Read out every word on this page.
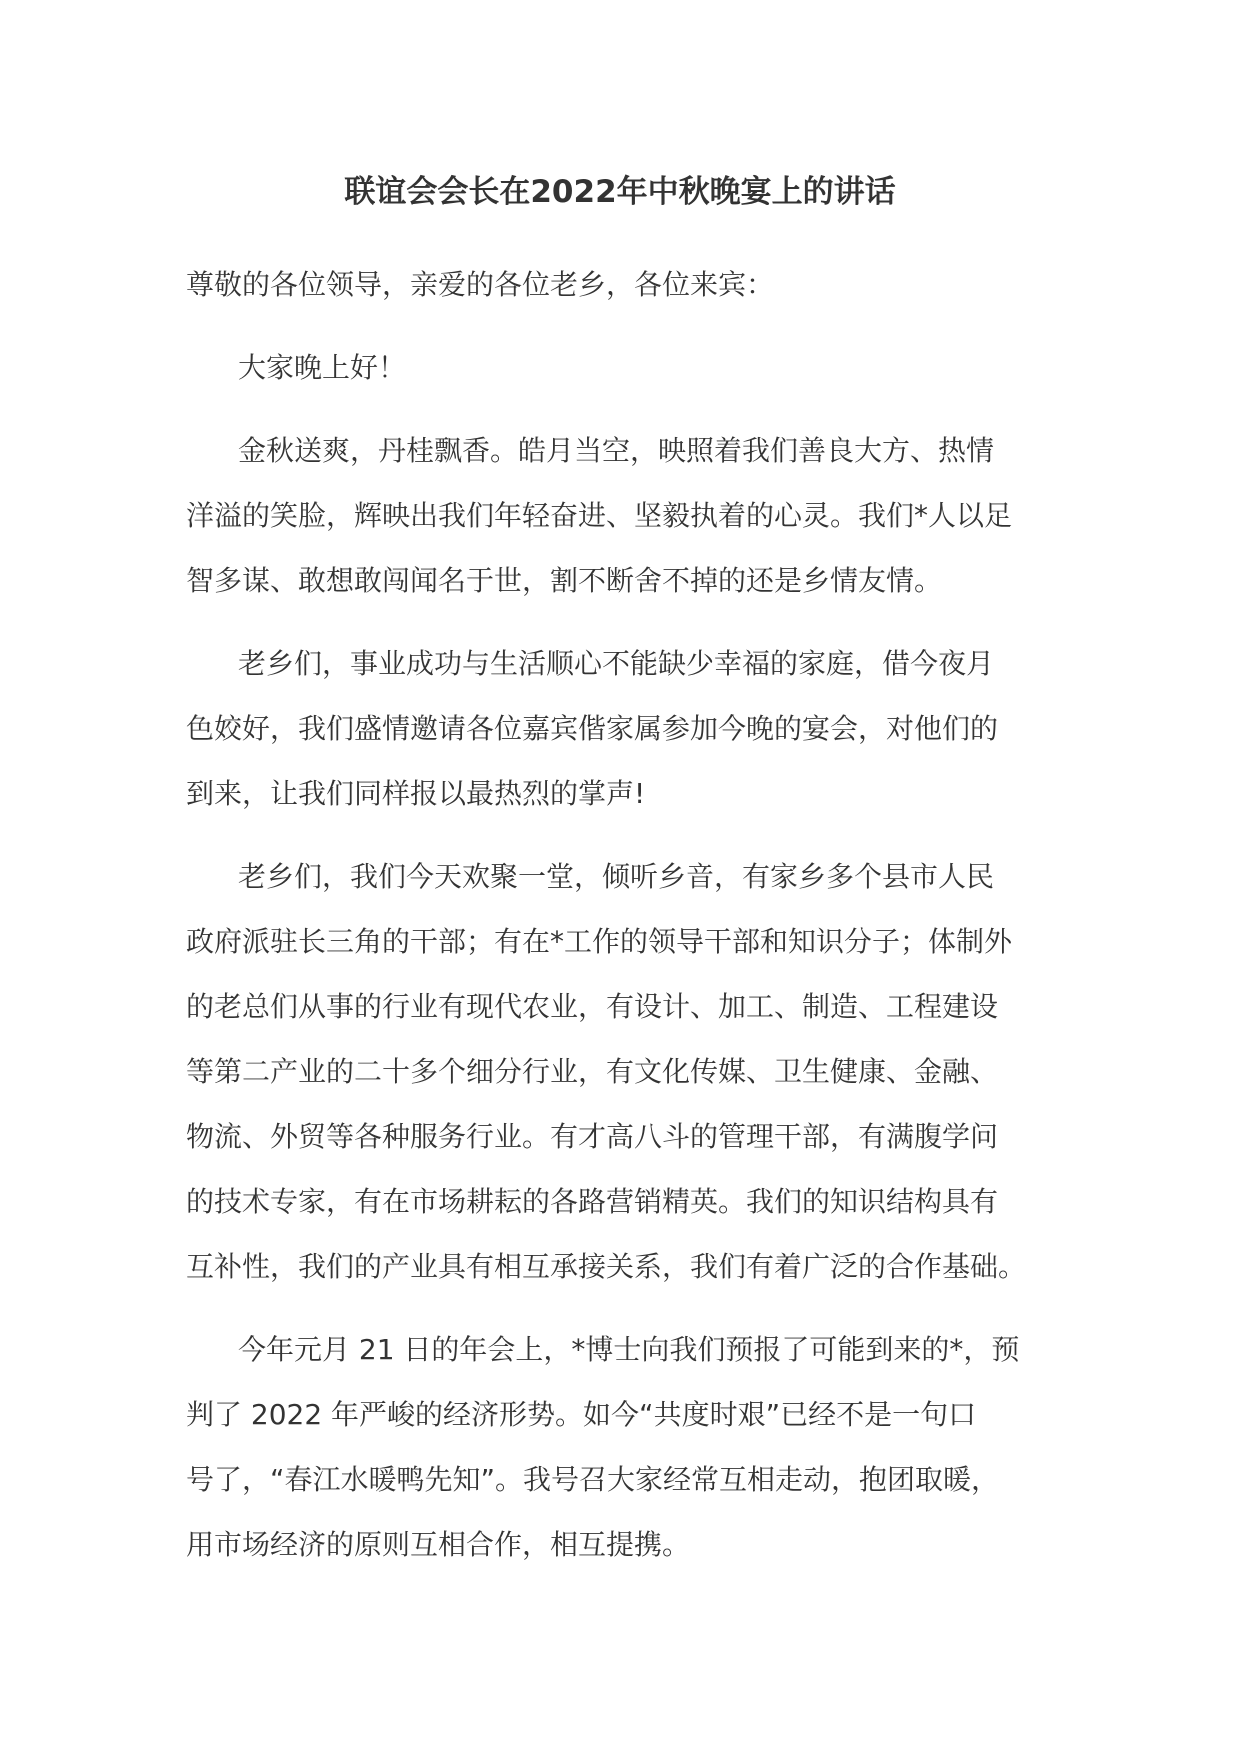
联谊会会长在2022年中秋晚宴上的讲话
尊敬的各位领导，亲爱的各位老乡，各位来宾：
大家晚上好！
金秋送爽，丹桂飘香。皓月当空，映照着我们善良大方、热情
洋溢的笑脸，辉映出我们年轻奋进、坚毅执着的心灵。我们*人以足
智多谋、敢想敢闯闻名于世，割不断舍不掉的还是乡情友情。
老乡们，事业成功与生活顺心不能缺少幸福的家庭，借今夜月
色姣好，我们盛情邀请各位嘉宾偕家属参加今晚的宴会，对他们的
到来，让我们同样报以最热烈的掌声!
老乡们，我们今天欢聚一堂，倾听乡音，有家乡多个县市人民
政府派驻长三角的干部；有在*工作的领导干部和知识分子；体制外
的老总们从事的行业有现代农业，有设计、加工、制造、工程建设
等第二产业的二十多个细分行业，有文化传媒、卫生健康、金融、
物流、外贸等各种服务行业。有才高八斗的管理干部，有满腹学问
的技术专家，有在市场耕耘的各路营销精英。我们的知识结构具有
互补性，我们的产业具有相互承接关系，我们有着广泛的合作基础。
今年元月 21 日的年会上，*博士向我们预报了可能到来的*，预
判了 2022 年严峻的经济形势。如今“共度时艰”已经不是一句口
号了，“春江水暖鸭先知”。我号召大家经常互相走动，抱团取暖，
用市场经济的原则互相合作，相互提携。
